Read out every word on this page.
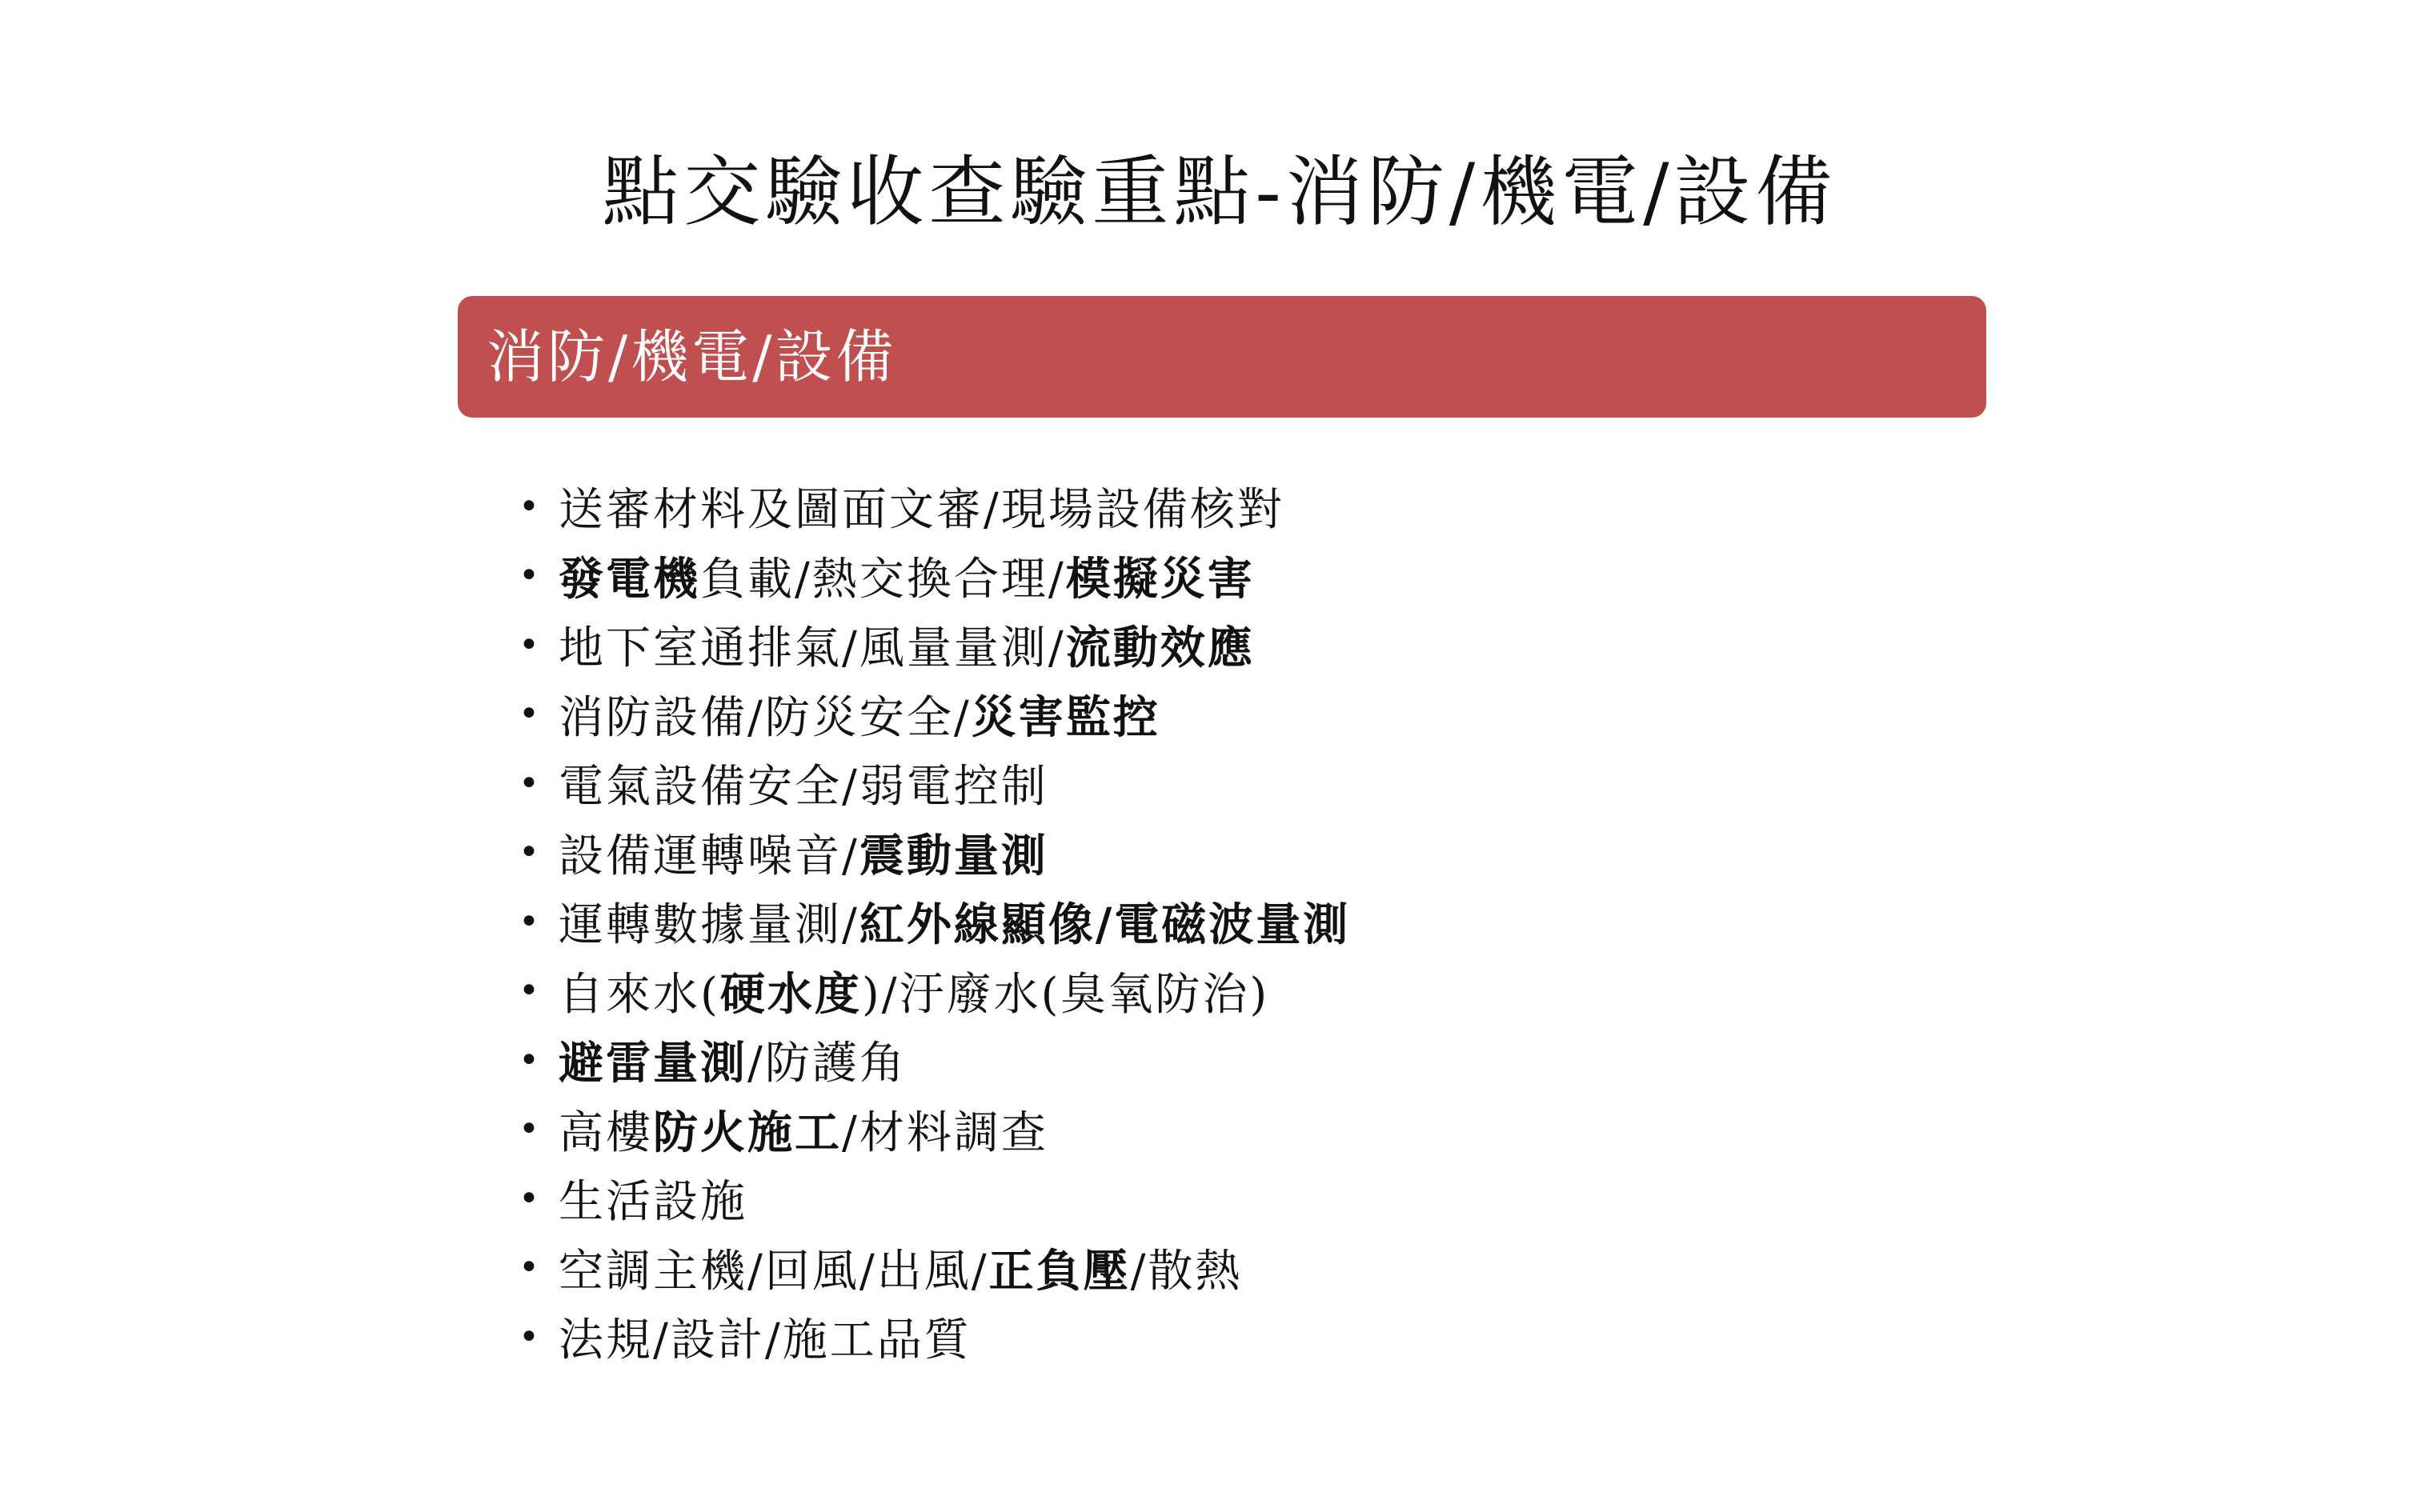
點交驗收查驗重點-消防/機電/設備
消防/機電/設備
• 送審材料及圖面文審/現場設備核對
• 發電機負載/熱交換合理/模擬災害
• 地下室通排氣/風量量測/流動效應
• 消防設備/防災安全/災害監控
• 電氣設備安全/弱電控制
• 設備運轉噪音/震動量測
• 運轉數據量測/紅外線顯像/電磁波量測
• 自來水(硬水度)/汙廢水(臭氧防治)
• 避雷量測/防護角
• 高樓防火施工/材料調查
• 生活設施
• 空調主機/回風/出風/正負壓/散熱
• 法規/設計/施工品質
